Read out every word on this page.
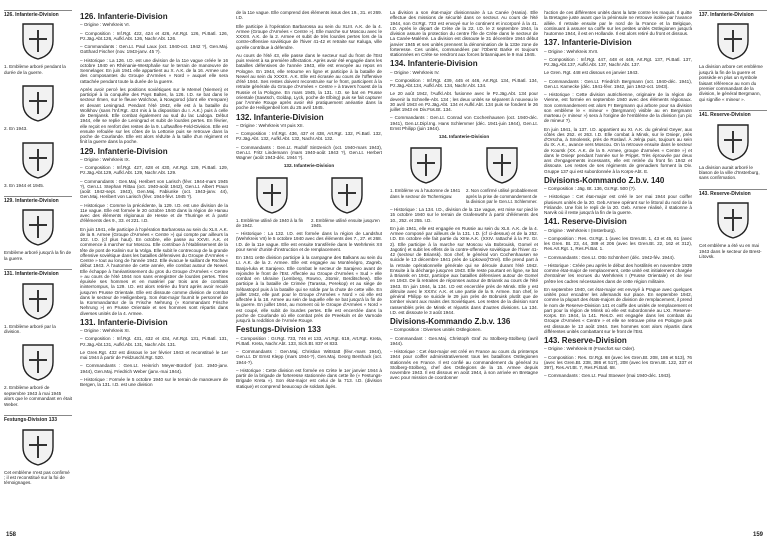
126. Infanterie-Division
1. Emblème arboré pendant la durée de la guerre.
2. En 1943.
3. En 1944 et 1945.
129. Infanterie-Division
Emblème arboré jusqu'à la fin de la guerre.
131. Infanterie-Division
1. Emblème arboré par la division.
2. Emblème arboré de septembre 1943 à mai 1945 alors que le commandant en était Weber.
Festungs-Division 133
Cet emblème n'est pas confirmé ; il est reconstitué sur la foi de témoignages.
126. Infanterie-Division

– Origine : Wehrkreis VI.

– Composition : Inf.Rgt. 422, 424 et 426, Art.Rgt. 126, Pi.Batl. 126, Pz.Jäg.Abt.126, Aufkl.Abt. 126, Nachr.Abt. 126.

– Commandants : Gen.Lt. Paul Laux (oct. 1940-oct. 1942 ?), Gen.Maj. Gotthard Fischer (nov. 1943-janv. 45 ?).

– Historique : La 126. I.D. est une division de la 11e vague créée le 16 octobre 1940 en Rhénanie-Westphalie sur le terrain de manœuvre de Sennelager. En juin 1941 elle appartient au X. A.K. de la 16. Armee une des composantes du Groupe d'Armées « Nord » auquel elle sera rattachée pendant toute la durée de la guerre.

Après avoir percé les positions soviétiques sur le Memel (Niemen) et participé à la conquête des Pays Baltes, la 126. I.D. se bat dans le secteur Ilmen, sur le fleuve Wolchow, à Nowgorod (dont elle s'empare) et devant Leningrad. Pendant l'été 1942, elle est à la bataille du Wolkhov (sans l'Inf.Rgt. 424 mis à la disposition du I. A.K.) puis à celle de Demjansk. Elle combat également au sud du lac Ladoga. Début 1944, elle se replie de Leningrad et subit de lourdes pertes. En février, elle reçoit en renfort des restes de la 9. Luftwaffen-Feld-Division. Elle est ensuite refoulée sur les côtes de la Lettonie puis se retrouve dans la poche de Courlande. Elle est alors rédUite à la taille d'un régiment et finit la guerre dans la poche.

129. Infanterie-Division

– Origine : Wehrkreis IX.

– Composition : Inf.Rgt. 427, 428 et 430, Art.Rgt. 129, Pi.Batl. 129, Pz.Jäg.Abt.129, Aufkl.Abt. 129, Nachr.Abt. 129.

– Commandants : Gen.Maj. Heribert von Larisch (févr. 1944-mars 1945 ?), Gen.Lt. Stephan Rittau (oct. 1940-août 1942), Gen.Lt. Albert Praun (août 1942-sept. 1943), Gen.Maj. Fabiunke (oct. 1943-janv. 44), Gen.Maj. Heribert von Larisch (févr. 1944-févr. 1945 ?).

– Historique : Comme la précédente, la 129. I.D. est une division de la 11e vague. Elle est formée le 20 octobre 1940 dans la région de Hanau avec des éléments régionaux de Hesse et de Thuringe et à partir d'éléments des 9., 33. et 221. I.D.

En juin 1941, elle participe à l'opération Barbarossa au sein du XLII. A.K. de la 9. Armee (Groupe d'Armées « Centre ») qui compte par ailleurs la 102. I.D. (cf plus haut). En octobre, elle passe au XXVII. A.K. et commence à marcher sur Moscou. Elle contribue à l'établissement de la tête de pont de Kalinin sur la Volga. Elle subit le contrecoup de la grande offensive soviétique dans les batailles défensives du Groupe d'Armées « Centre » tout au long de l'année 1942. Elle évacue le saillant de Rschew début 1943. À l'automne de cette année, elle combat autour de Newel. Elle échappe à l'anéantissement du gros du Groupe d'Armées « Centre » au cours de l'été 1944 non sans enregistrer de lourdes pertes. Tires épuisée ses hommes et en matériel par trois ans de combats ininterrompus, la 129. I.D. est alors retirée du front après avoir reculé jusqu'en Prusse Orientale. Elle est dissoute comme division de combat dans le secteur de Heiligenberg. Son état-major fournit le personnel de la Kommandantur de la Frische Nehrung (« Kommandant Frische Nehrung ») en Prusse Orientale et ses hommes sont répartis dans diverses unités de la 4. Armee.

131. Infanterie-Division

– Origine : Wehrkreis XI.

– Composition : Inf.Rgt. 431, 432 et 434, Art.Rgt. 131, Pi.Batl. 131, Pz.Jäg.Abt.131, Aufkl.Abt. 131, Nachr.Abt. 131.

Le Gren.Rgt. 432 est dissous le 1er février 1943 et reconstitué le 1er mai 1944 à partir de Feldzuschl.Rgt. 520.

– Commandants : Gen.Lt. Heinrich Meyer-Bürdorf (oct. 1940-janv. 1944), Gen.Maj. Friedrich Weber (janv.-mai 1944).

– Historique : Formée le 5 octobre 1940 sur le terrain de manœuvre de Bergen, la 131. I.D. est une division

de la 11e vague. Elle comprend des éléments issus des 19., 31. et 269. I.D.

Elle participe à l'opération Barbarossa au sein du XLIII. A.K. de la 4. Armee (Groupe d'Armées « Centre »). Elle marche sur Moscou avec le XXXIII. A.K. de la 2. Armee et subit de très lourdes pertes lors de la contre-offensive soviétique de l'hiver 41-42 et retraite sur Kaluga, ville qu'elle contribue à défendre.

Au cours de l'été 43, elle passe dans le secteur sud du front de l'Est puis revient à sa première affectation. Après avoir été engagée dans les batailles défensives de l'année 1943, elle est envoyée au repos en Pologne. En 1944, elle retourne en ligne et participe à la bataille de Newel au sein du XXXIX. A.K. Elle est écrasée au cours de l'offensive d'été 1944. Ses restes doivent reconstruire sur le front, participent à la retraite générale du Groupe d'Armées « Centre » à travers l'ouest de la Russie et la Pologne. En mars 1945, la 131. I.D. se bat en Prusse orientale (Sawtsch, Goldap, Lyck, poche de Elbing) puis se fait capturer par l'Armée Rouge après avoir été pratiquement anéantie dans la poche de Heiligenbeil lors du 25 avril 1945.

132. Infanterie-Division

– Origine : Wehrkreis VII puis XII.

– Composition : Inf.Rgt. 436, 437 et 438, Art.Rgt. 132, Pi.Batl. 132, Pz.Jäg.Abt. 132, Aufkl.Abt. 132, Nachr.Abt. 132.

– Commandants : Gen.Lt. Rudolf Sintzenich (oct. 1940-mars 1943), Gen.Lt. Fritz Lindemann (mars 1940-août 1943 ?), Gen.Lt. Herbert Wagner (août 1943-déc. 1944 ?).

132. Infanterie-Division
1. Emblème utilisé de 1940 à la fin de 1942.
2. Emblème utilisé ensuite jusqu'en 1945.

– Historique : La 132. I.D. est formée dans la région de Landshut (Wehrkreis VII) le 5 octobre 1940 avec des éléments des 7., 27. et 268. I.D. de la 11e vague. Elle est ensuite transférée dans le Wehrkreis XII pour servir d'unité d'instruction et de remplacement.

En 1941 cette division participe à la campagne des Balkans au sein du LI. A.K. de la 2. Armee. Elle est engagée au Monténégro, Zagreb, Banja-luka et Sarajevo. Elle combat le secteur de Sarajevo avant de rejoindre le front de l'Est. Affectée au Groupe d'Armées « Sud » elle combat en Ukraine (Lemberg, Rowno, Jitomir, Berditschew). Elle participe à la bataille de Crimée (Tarassa, Perekop) et au siège de Sébastopol puis à la bataille qui se solde par la chute de cette ville. En juillet 1942, elle part pour le Groupe d'Armées « Nord » où elle est affectée à la 18. Armee au sein de laquelle elle se bat jusqu'à la fin de la guerre. En juillet 1944, au moment où le Groupe d'Armées « Nord » est coupé, elle subit de lourdes pertes. Elle est encerclée dans la poche de Courlande où elle combat près de Preekuln et de Varnode jusqu'à la reddition de l'Armée Rouge.

Festungs-Division 133

– Composition : Gr.Rgt. 733, 746 et 133, Art.Rgt. 619, Art.Rgt. Kreta, Pi.Batl. Kreta, Nachr.Abt. 133, Sich.Bt. 837 et 833.

– Commandants : Gen.Maj. Christian Wittstatt (févr.-mars 1944), Gen.Lt. Dr Ernst Klepp (mars 1944-?), Gen.Maj. Georg Benthack (oct. 1944-?).

– Historique : Cette division est formée en Crète le 1er janvier 1944 à partir de la brigade de forteresse stationnée dans cette île (« Festungs-Brigade Kreta »). Son état-major est celui de la 713. I.D. (division statique) et comprend beaucoup de soldats âgés.

158

La division a son état-major divisionnaire à La Canée (Hania). Elle effectue des missions de sécurité dans ce secteur. Au cours de l'été 1944, son Gr.Rgt. 733 est envoyé sur le continent et incorporé à la 41. I.D. Après le départ de Crète de la 22. I.D. le 2 septembre 1944, la division assure la protection du centre l'île de Crète dans le secteur de La Canée-Malémé. La division est dissoute le 31 décembre 1944 début janvier 1945 et ses unités prennent la dénomination de la 133e zone de forteresse. Ces unités, commandées par l'Oberst Barke et toujours stationnées en Crète se rendront aux forces britanniques le 9 mai 1945.

134. Infanterie-Division

– Origine : Wehrkreis IV.

– Composition : Inf.Rgt. 439, 445 et 446, Art.Rgt. 134, Pi.Batl. 134, Pz.Jäg.Abt.134, Aufkl.Abt. 134, Nachr.Abt. 134.

Le 20 août 1942, l'Aufkl.Abt. fusionne avec le Pz.Jäg.Abt. 134 pour devenir la Schnelle-Abt. 134 ; les deux unités se séparent à nouveau le 30 avril 1943 en Pz.Jäg.Abt. 134 et Aufkl.Abt. 134 puis se fondent le 26 juillet 1943 en Div.Füs.Bt. 134.

– Commandants : Gen.Lt. Conrad von Cochenhausen (oct. 1940-déc. 1941), Gen.Lt.Dipl.Ing. Hans Schlemmer (déc. 1941-juin 1944), Gen.Lt. Ernst Philipp (juin 1944).

134. Infanterie-Division
1. Emblème vu à l'automne de 1941 dans le secteur de Tschernigow.
2. Non confirmé utilisé probablement après la prise de commandement de la division par le Gen.Lt. Schlemmer.

– Historique : La 134. I.D., division de la 11e vague, est mise sur pied le 15 octobre 1940 sur le terrain de Grafenwöhr à partir d'éléments des 10., 252. et 255. I.D.

En juin 1941, elle est engagée en Russie au sein du XLII. A.K. de la 4. Armee composé par ailleurs de la 131. I.D. (cf ci-dessus) et de la 252. I.D. En octobre elle fait partie du XIIIe.A.K. (XXIV. rattaché à la Pz. Gr. 2). Elle participe à la marche sur Moscou via Bobrouisk, Gomel et Jagotin) et subit les effets de la contre-offensive soviétique de l'hiver 41-42 (secteur de Briansk). Son chef, le général von Cochenhausen se suicide le 13 décembre 1941 près de Lipkowo(l'Orel). Elle prend part à la retraite opérationnelle générale qui se déroule durant l'été 1942. Ensuite à la décharge jusqu'en 1943. Elle reste pourtant en ligne, se bat à Briansk en 1942, participe aux batailles défensives autour de Gomel en 1943. De là retraites de réponses autour de Briansk au cours de l'été 1943. En juin 1944, la 134. I.D est encerclée près de Minsk. Elle y est détruite avec le XXXV. A.K. et une partie de la 9. Armee. Son chef, le général Philipp se suicide le 29 juin près de Bobruisk plutôt que de tomber vivant aux mains des Soviétiques. Les restes de la division sont rassemblés près de Minsk et répartis dans d'autres divisions. La 134. I.D. est dissoute le 3 août 1944.

Divisions-Kommando Z.b.v. 136

– Composition : Diverses unités Ostlegionen.

– Commandant : Gen.Maj. Christoph Graf zu Stolberg-Stolberg (avril 1944).

– Historique : Cet état-major est créé en France au cours du printemps 1944 pour coiffer administrativement tous les bataillons Ostlegionen stationnés en France. Il est confié au commandement du général zu Stolberg-Stolberg, chef des Ostlegions de la 15. Armee depuis novembre 1943. Il est dissous en août 1944, à son arrivée en Bretagne avec pour mission de coordonner

l'action de ces différentes unités dans la lutte contre les maquis. Il quitte la Bretagne juste avant que la péninsule ne retrouve isolée par l'avance alliée. Il retraite ensuite par le nord de la France et la Belgique, continuant à assurer sa coiffe sur les petites unités Ostlegionen jusqu'à l'automne 1944, il est en Hollande. Il est alors retiré du front et dissous.

137. Infanterie-Division

– Origine : Wehrkreis XVII.

– Composition : Inf.Rgt. 447, 448 et 449, Art.Rgt. 137, Pi.Batl. 137, Pz.Jäg.Abt.137, Aufkl.Abt. 137, Nachr.Abt. 137.

Le Gren. Rgt. 448 est dissous en janvier 1943.

– Commandants : Gen.Lt. Friedrich Bergmann (oct. 1940-déc. 1941), Gen.Lt. Kamecke (déc. 1941-févr. 1942, juin 1942-oct. 1943).

– Historique : Cette division autrichienne, originaire de la région de Vienne, est formée en septembre 1940 avec des éléments régionaux. Son commandement est alors Fr Bergmann qui arbore pour sa division son emblème le « mineur » (Bergmann) visible au en Bergmann marteau (« mineur ») sera à l'origine de l'emblème de la division (un pic de mineur ?).

En juin 1941, la 137. I.D. appartient au XI. A.K. du général Geyer, aux côtés des 252. et 263. I.D. Elle combat à Minsk, sur le Dniepr, près d'Orscha, à Smolensk, près de Roslavl. À Jelnja puis, toujours au sein du IX. A.K., avance vers Moscou. On la retrouve ensuite dans le secteur de Koursk (XX. A.K. de la 9. Armee, groupe d'armées « Centre ») et dans le Dniepr pendant l'année sur le Pripjet. Très éprouvée par deux ans d'engagements incessants, elle est retirée du front fin 1942 et dissoute. Les restes de ses régiments de grenadiers forment la Div. Gruppe 137 qui est subordonnée à la Korps-Abt. E.

Divisions-Kommando Z.b.v. 140

– Composition : Jäg. Bt. 136, Gr.Rgt. 500 (?).

– Historique : Cet état-major est créé le 1er mai 1944 pour coiffer plusieurs unités de la 20. Geb.Armee opérant sur le littoral du nord de la Finlande. Une fois le repli de la 20. Geb. Armee réalisé, il stationne à Narvik où il reste jusqu'à la fin de la guerre.

141. Reserve-Division

– Origine : Wehrkreis I (Insterburg).

– Composition : Res. Gr.Rgt. 1 (avec les Gren.Bt. 1, 43 et 45, 61 (avec les Gren. Bt. 23, 44, 389 et 206 (avec les Gren.Bt. 22, 162 et 312), Res.Art.Rgt. 1, Res.Pi.Bat. 1.

– Commandants : Gen.Lt. Otto Schönherr (déc. 1942-fév. 1944).

– Historique : Créée peu après le début des hostilités en novembre 1939 comme état-major de remplacement, cette unité est initialement chargée d'entraîner les recrues du Wehrkreis I (Prusse Orientale) et de leur prêtre les cadres nécessaires dans de cette région militaire.

En septembre 1940, cet état-major est envoyé à Prague avec quelques unités pour encadrer les allemands sur place. En septembre 1942, comme la plupart des états-majors de division de remplacement, il prend le nom de Reserve-Division 141 et coiffe des unités de remplacement et part pour la région de Minsk où elle est subordonnée au LXI. Reserve-Korps. En 1944, la 141. Res.D. est engagée dans les combats du Groupe d'Armées « Centre » et elle se retrouve prise en Pologne puis est dissoute le 13 août 1944. Ses hommes sont alors répartis dans différentes unités combattant sur le front de l'Est.

143. Reserve-Division

– Origine : Wehrkreis III (Francfort sur Oder).

– Composition : Res. Gr.Rgt. 68 (avec les Gren.Bt. 208, 186 et 513), 76 (avec les Gren.Bt. 238, 386 et 517), 208 (avec les Gren.Bt. 122, 337 et 397), Res.Art.Bt. 7, Res.Pi.Batl. 68.

– Commandants : Gen.Lt. Paul Stoewer (mai 1940-déc. 1943).

137. Infanterie-Division
La division arbore cet emblème jusqu'à la fin de la guerre et possède en plus un symbole faisant référence au nom du premier commandant de la division, le général Bergmann, qui signifie « mineur ».
141. Reserve-Division
La division aurait arboré le blason de la ville d'Insterburg, sans confirmation.
143. Reserve-Division
Cet emblème a été vu en mai 1943 dans le secteur de Brest-Litovsk.
159
